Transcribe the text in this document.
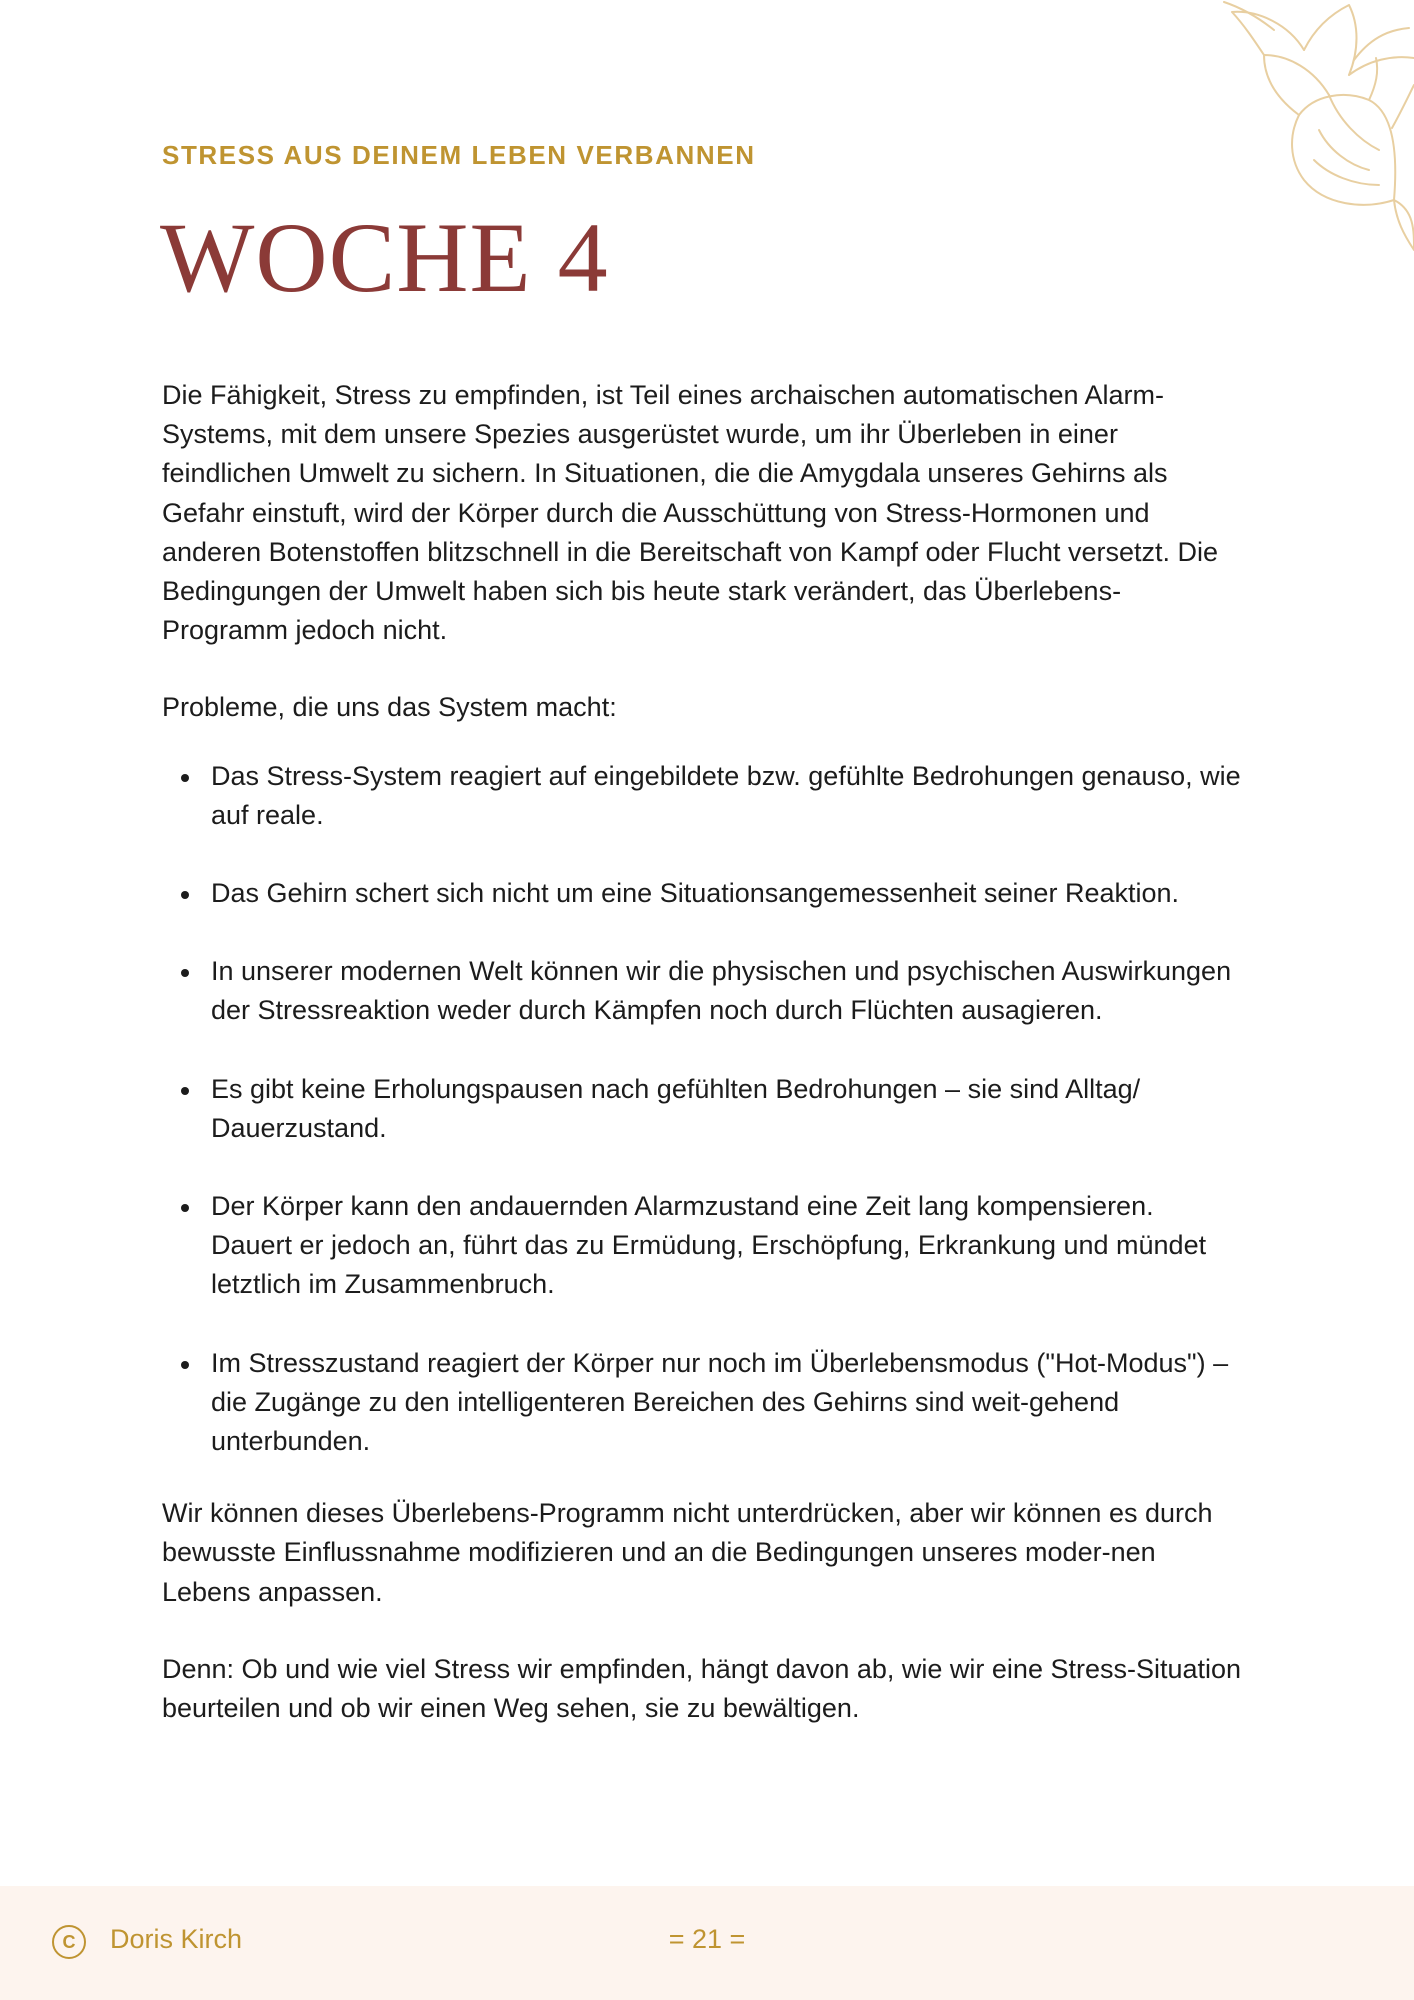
STRESS AUS DEINEM LEBEN VERBANNEN
WOCHE 4

Die Fähigkeit, Stress zu empfinden, ist Teil eines archaischen automatischen Alarm-Systems, mit dem unsere Spezies ausgerüstet wurde, um ihr Überleben in einer feindlichen Umwelt zu sichern. In Situationen, die die Amygdala unseres Gehirns als Gefahr einstuft, wird der Körper durch die Ausschüttung von Stress-Hormonen und anderen Botenstoffen blitzschnell in die Bereitschaft von Kampf oder Flucht versetzt. Die Bedingungen der Umwelt haben sich bis heute stark verändert, das Überlebens-Programm jedoch nicht.

Probleme, die uns das System macht:

Das Stress-System reagiert auf eingebildete bzw. gefühlte Bedrohungen genauso, wie auf reale.
Das Gehirn schert sich nicht um eine Situationsangemessenheit seiner Reaktion.
In unserer modernen Welt können wir die physischen und psychischen Auswirkungen der Stressreaktion weder durch Kämpfen noch durch Flüchten ausagieren.
Es gibt keine Erholungspausen nach gefühlten Bedrohungen – sie sind Alltag/ Dauerzustand.
Der Körper kann den andauernden Alarmzustand eine Zeit lang kompensieren. Dauert er jedoch an, führt das zu Ermüdung, Erschöpfung, Erkrankung und mündet letztlich im Zusammenbruch.
Im Stresszustand reagiert der Körper nur noch im Überlebensmodus ("Hot-Modus") – die Zugänge zu den intelligenteren Bereichen des Gehirns sind weit-gehend unterbunden.

Wir können dieses Überlebens-Programm nicht unterdrücken, aber wir können es durch bewusste Einflussnahme modifizieren und an die Bedingungen unseres moder-nen Lebens anpassen.

Denn: Ob und wie viel Stress wir empfinden, hängt davon ab, wie wir eine Stress-Situation beurteilen und ob wir einen Weg sehen, sie zu bewältigen.

C	Doris Kirch	= 21 =
